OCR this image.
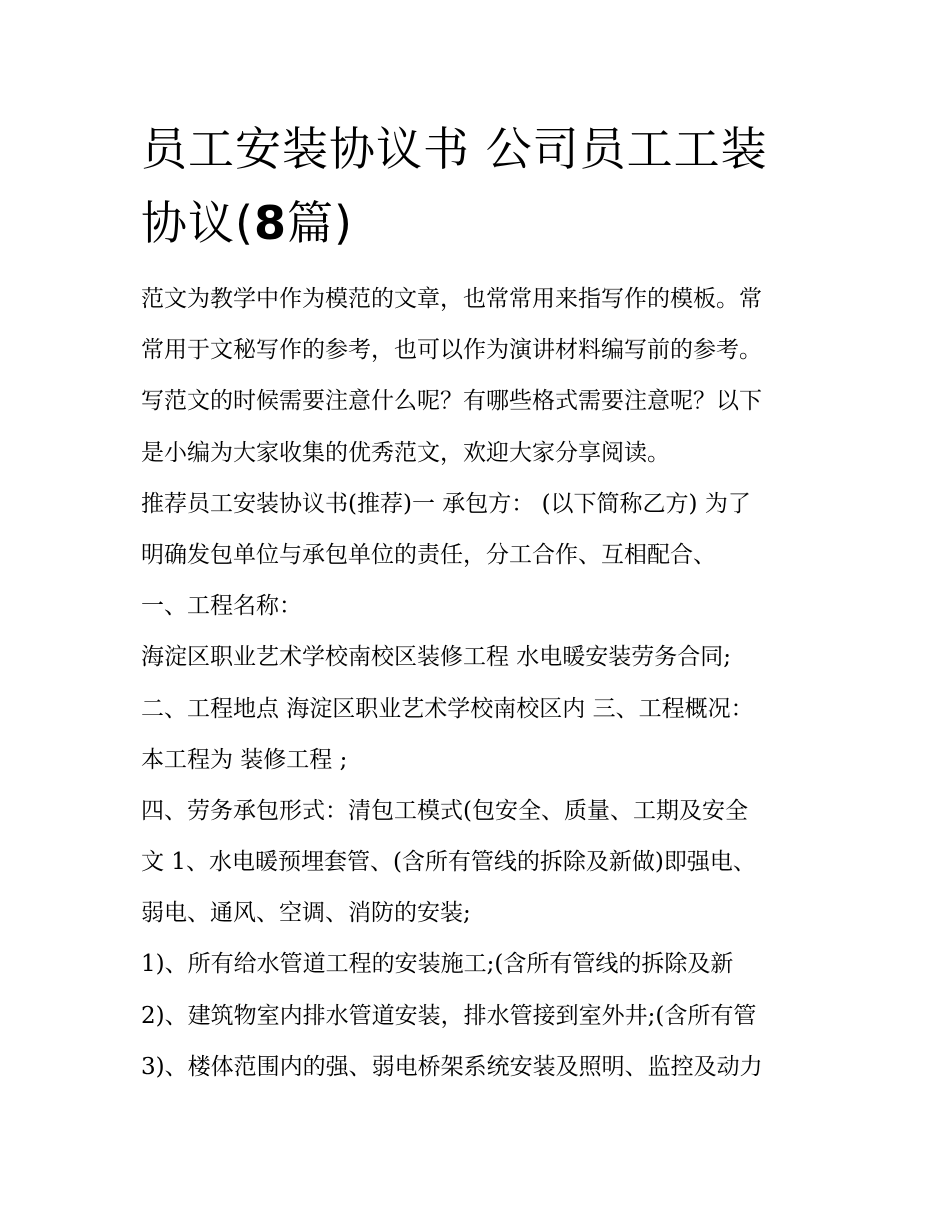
员工安装协议书 公司员工工装
协议(8篇)
范文为教学中作为模范的文章，也常常用来指写作的模板。常
常用于文秘写作的参考，也可以作为演讲材料编写前的参考。
写范文的时候需要注意什么呢？有哪些格式需要注意呢？以下
是小编为大家收集的优秀范文，欢迎大家分享阅读。
推荐员工安装协议书(推荐)一 承包方： (以下简称乙方) 为了
明确发包单位与承包单位的责任，分工合作、互相配合、
一、工程名称：
海淀区职业艺术学校南校区装修工程 水电暖安装劳务合同;
二、工程地点 海淀区职业艺术学校南校区内 三、工程概况：
本工程为 装修工程 ;
四、劳务承包形式：清包工模式(包安全、质量、工期及安全
文 1、水电暖预埋套管、(含所有管线的拆除及新做)即强电、
弱电、通风、空调、消防的安装;
1)、所有给水管道工程的安装施工;(含所有管线的拆除及新
2)、建筑物室内排水管道安装，排水管接到室外井;(含所有管
3)、楼体范围内的强、弱电桥架系统安装及照明、监控及动力
